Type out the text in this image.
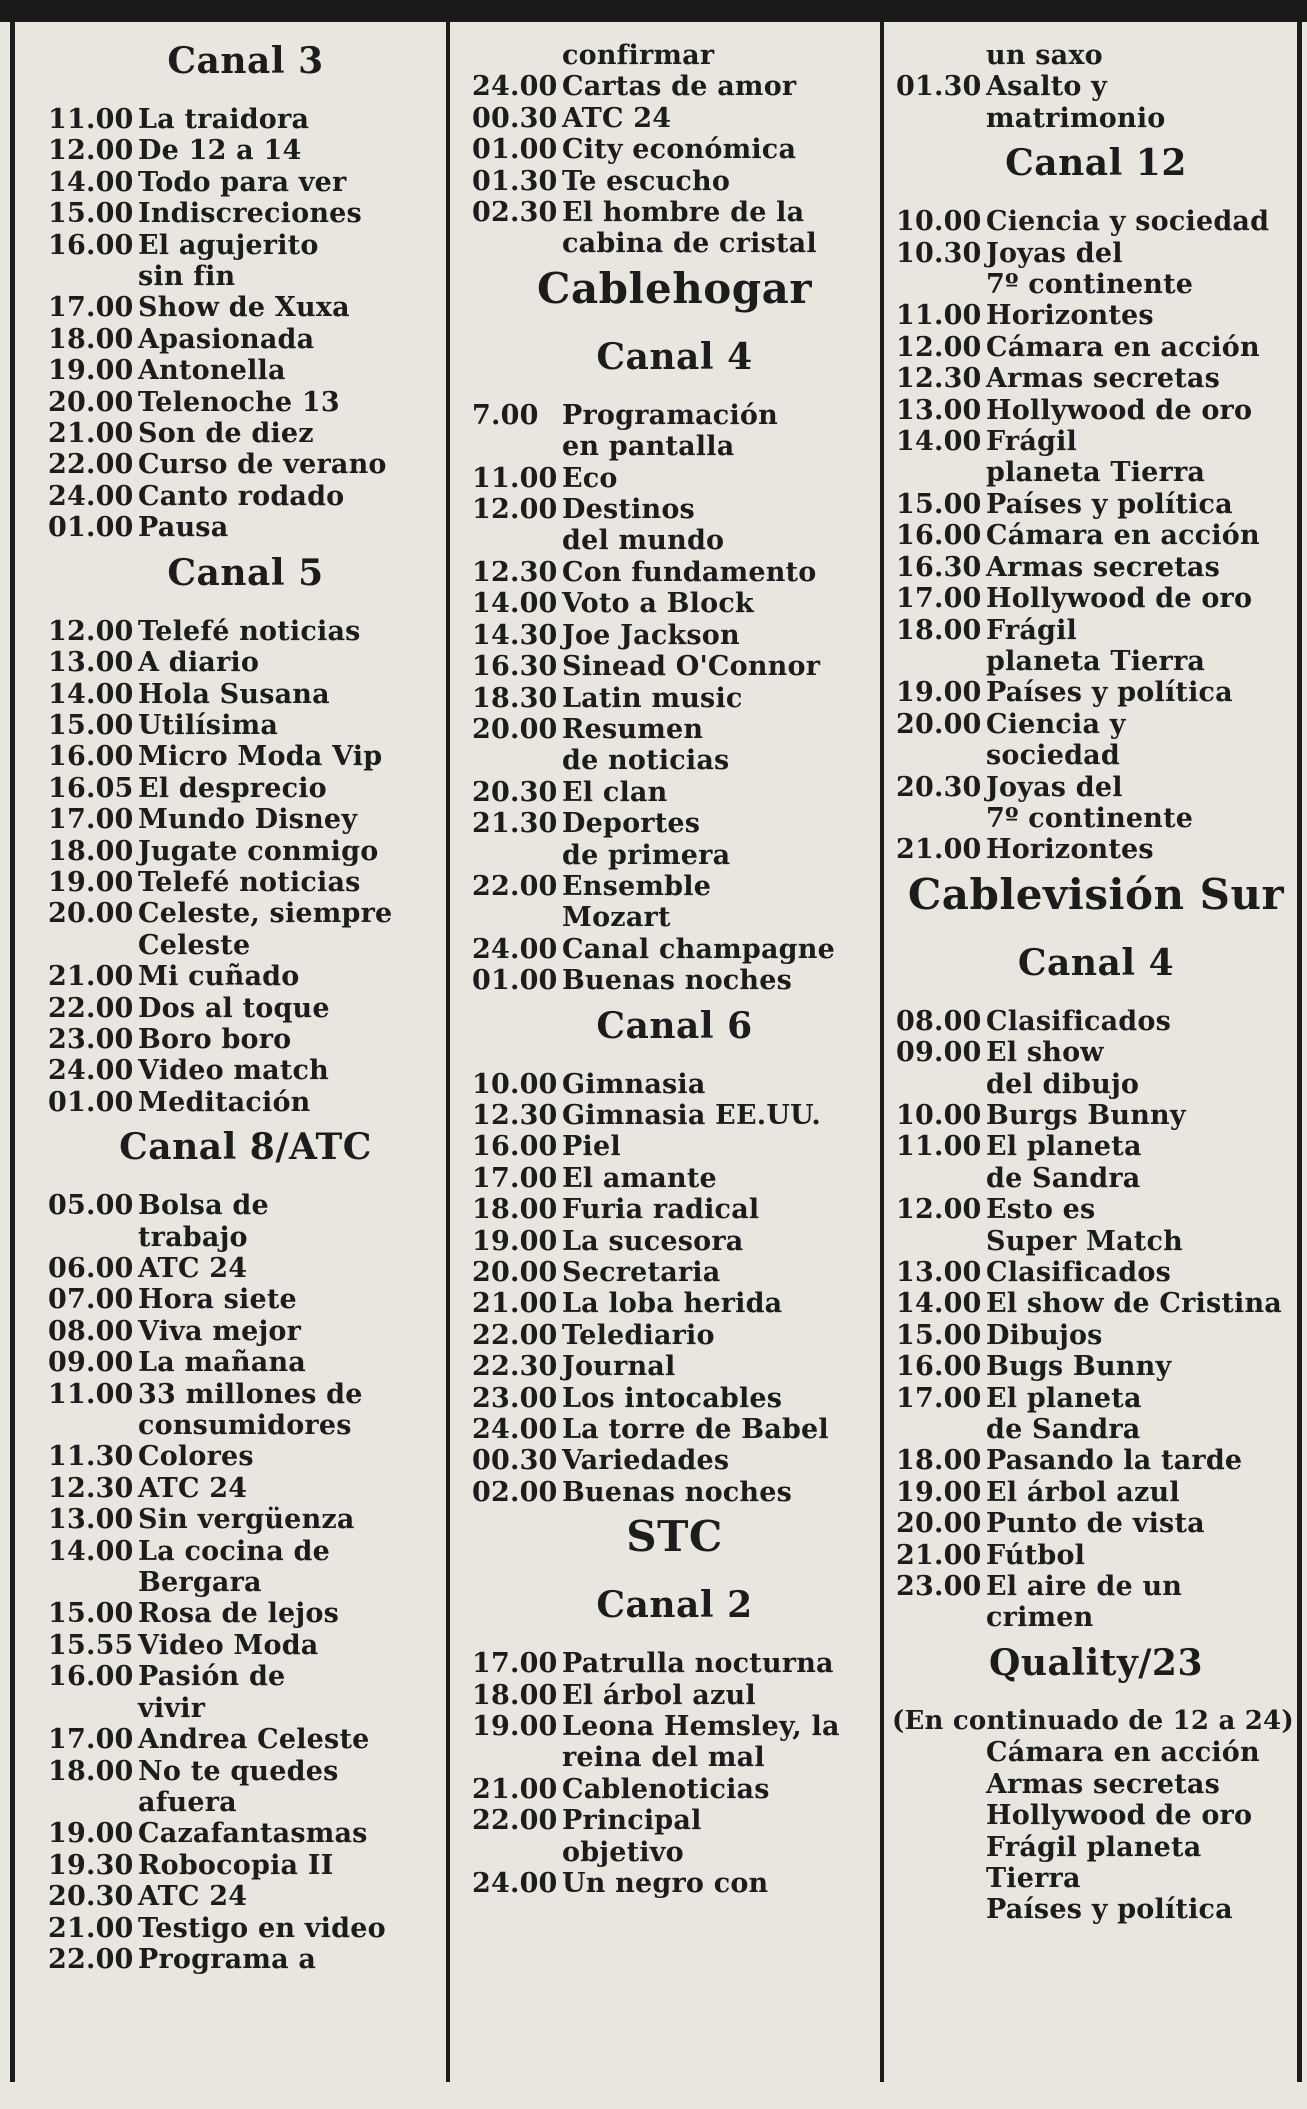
Canal 3
11.00 La traidora
12.00 De 12 a 14
14.00 Todo para ver
15.00 Indiscreciones
16.00 El agujerito
sin fin
17.00 Show de Xuxa
18.00 Apasionada
19.00 Antonella
20.00 Telenoche 13
21.00 Son de diez
22.00 Curso de verano
24.00 Canto rodado
01.00 Pausa
Canal 5
12.00 Telefé noticias
13.00 A diario
14.00 Hola Susana
15.00 Utilísima
16.00 Micro Moda Vip
16.05 El desprecio
17.00 Mundo Disney
18.00 Jugate conmigo
19.00 Telefé noticias
20.00 Celeste, siempre
Celeste
21.00 Mi cuñado
22.00 Dos al toque
23.00 Boro boro
24.00 Video match
01.00 Meditación
Canal 8/ATC
05.00 Bolsa de
trabajo
06.00 ATC 24
07.00 Hora siete
08.00 Viva mejor
09.00 La mañana
11.00 33 millones de
consumidores
11.30 Colores
12.30 ATC 24
13.00 Sin vergüenza
14.00 La cocina de
Bergara
15.00 Rosa de lejos
15.55 Video Moda
16.00 Pasión de
vivir
17.00 Andrea Celeste
18.00 No te quedes
afuera
19.00 Cazafantasmas
19.30 Robocopia II
20.30 ATC 24
21.00 Testigo en video
22.00 Programa a
confirmar
24.00 Cartas de amor
00.30 ATC 24
01.00 City económica
01.30 Te escucho
02.30 El hombre de la
cabina de cristal
Cablehogar
Canal 4
7.00 Programación
en pantalla
11.00 Eco
12.00 Destinos
del mundo
12.30 Con fundamento
14.00 Voto a Block
14.30 Joe Jackson
16.30 Sinead O'Connor
18.30 Latin music
20.00 Resumen
de noticias
20.30 El clan
21.30 Deportes
de primera
22.00 Ensemble
Mozart
24.00 Canal champagne
01.00 Buenas noches
Canal 6
10.00 Gimnasia
12.30 Gimnasia EE.UU.
16.00 Piel
17.00 El amante
18.00 Furia radical
19.00 La sucesora
20.00 Secretaria
21.00 La loba herida
22.00 Telediario
22.30 Journal
23.00 Los intocables
24.00 La torre de Babel
00.30 Variedades
02.00 Buenas noches
STC
Canal 2
17.00 Patrulla nocturna
18.00 El árbol azul
19.00 Leona Hemsley, la
reina del mal
21.00 Cablenoticias
22.00 Principal
objetivo
24.00 Un negro con
un saxo
01.30 Asalto y
matrimonio
Canal 12
10.00 Ciencia y sociedad
10.30 Joyas del
7º continente
11.00 Horizontes
12.00 Cámara en acción
12.30 Armas secretas
13.00 Hollywood de oro
14.00 Frágil
planeta Tierra
15.00 Países y política
16.00 Cámara en acción
16.30 Armas secretas
17.00 Hollywood de oro
18.00 Frágil
planeta Tierra
19.00 Países y política
20.00 Ciencia y
sociedad
20.30 Joyas del
7º continente
21.00 Horizontes
Cablevisión Sur
Canal 4
08.00 Clasificados
09.00 El show
del dibujo
10.00 Burgs Bunny
11.00 El planeta
de Sandra
12.00 Esto es
Super Match
13.00 Clasificados
14.00 El show de Cristina
15.00 Dibujos
16.00 Bugs Bunny
17.00 El planeta
de Sandra
18.00 Pasando la tarde
19.00 El árbol azul
20.00 Punto de vista
21.00 Fútbol
23.00 El aire de un
crimen
Quality/23
(En continuado de 12 a 24)
Cámara en acción
Armas secretas
Hollywood de oro
Frágil planeta
Tierra
Países y política
